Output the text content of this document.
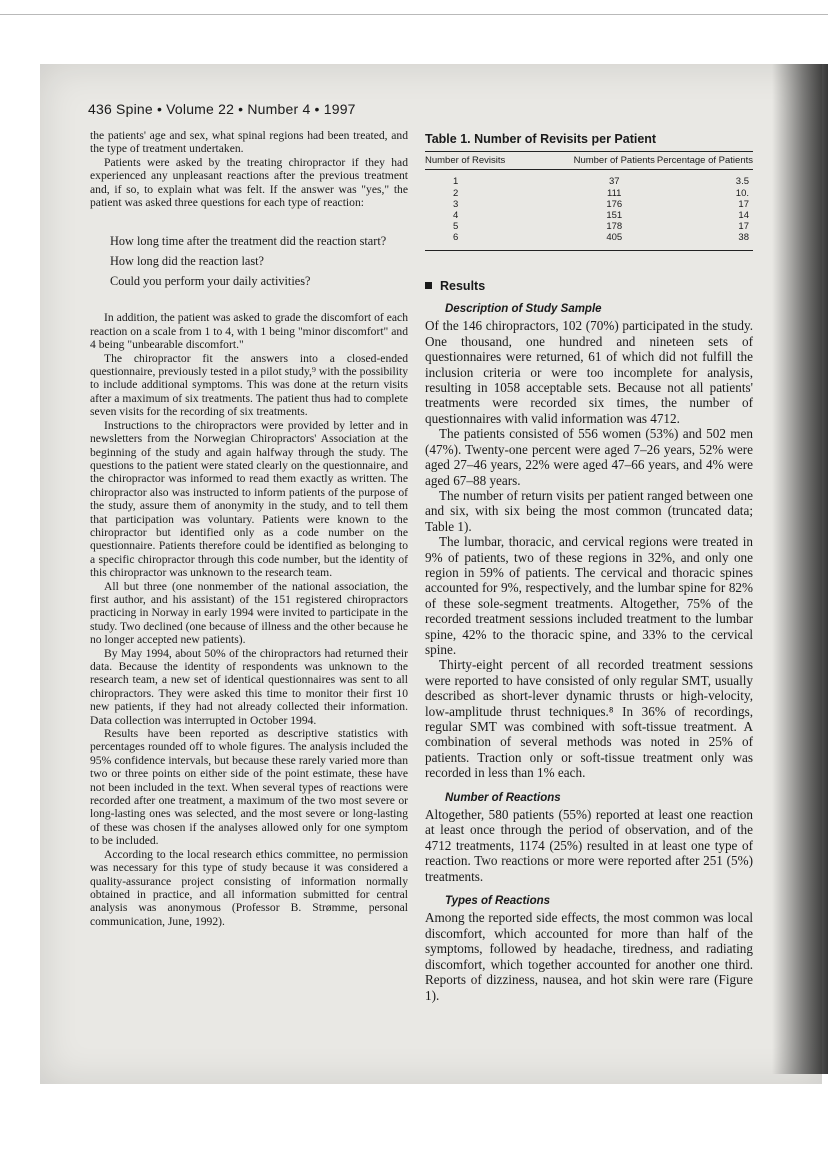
436 Spine • Volume 22 • Number 4 • 1997

the patients' age and sex, what spinal regions had been treated, and the type of treatment undertaken.

Patients were asked by the treating chiropractor if they had experienced any unpleasant reactions after the previous treatment and, if so, to explain what was felt. If the answer was "yes," the patient was asked three questions for each type of reaction:

How long time after the treatment did the reaction start?
How long did the reaction last?
Could you perform your daily activities?

In addition, the patient was asked to grade the discomfort of each reaction on a scale from 1 to 4, with 1 being "minor discomfort" and 4 being "unbearable discomfort."

The chiropractor fit the answers into a closed-ended questionnaire, previously tested in a pilot study,⁹ with the possibility to include additional symptoms. This was done at the return visits after a maximum of six treatments. The patient thus had to complete seven visits for the recording of six treatments.

Instructions to the chiropractors were provided by letter and in newsletters from the Norwegian Chiropractors' Association at the beginning of the study and again halfway through the study. The questions to the patient were stated clearly on the questionnaire, and the chiropractor was informed to read them exactly as written. The chiropractor also was instructed to inform patients of the purpose of the study, assure them of anonymity in the study, and to tell them that participation was voluntary. Patients were known to the chiropractor but identified only as a code number on the questionnaire. Patients therefore could be identified as belonging to a specific chiropractor through this code number, but the identity of this chiropractor was unknown to the research team.

All but three (one nonmember of the national association, the first author, and his assistant) of the 151 registered chiropractors practicing in Norway in early 1994 were invited to participate in the study. Two declined (one because of illness and the other because he no longer accepted new patients).

By May 1994, about 50% of the chiropractors had returned their data. Because the identity of respondents was unknown to the research team, a new set of identical questionnaires was sent to all chiropractors. They were asked this time to monitor their first 10 new patients, if they had not already collected their information. Data collection was interrupted in October 1994.

Results have been reported as descriptive statistics with percentages rounded off to whole figures. The analysis included the 95% confidence intervals, but because these rarely varied more than two or three points on either side of the point estimate, these have not been included in the text. When several types of reactions were recorded after one treatment, a maximum of the two most severe or long-lasting ones was selected, and the most severe or long-lasting of these was chosen if the analyses allowed only for one symptom to be included.

According to the local research ethics committee, no permission was necessary for this type of study because it was considered a quality-assurance project consisting of information normally obtained in practice, and all information submitted for central analysis was anonymous (Professor B. Strømme, personal communication, June, 1992).

Table 1. Number of Revisits per Patient
Number of Revisits	Number of Patients	Percentage of Patients
1	37	3.5
2	111	10.
3	176	17
4	151	14
5	178	17
6	405	38
Results
Description of Study Sample

Of the 146 chiropractors, 102 (70%) participated in the study. One thousand, one hundred and nineteen sets of questionnaires were returned, 61 of which did not fulfill the inclusion criteria or were too incomplete for analysis, resulting in 1058 acceptable sets. Because not all patients' treatments were recorded six times, the number of questionnaires with valid information was 4712.

The patients consisted of 556 women (53%) and 502 men (47%). Twenty-one percent were aged 7–26 years, 52% were aged 27–46 years, 22% were aged 47–66 years, and 4% were aged 67–88 years.

The number of return visits per patient ranged between one and six, with six being the most common (truncated data; Table 1).

The lumbar, thoracic, and cervical regions were treated in 9% of patients, two of these regions in 32%, and only one region in 59% of patients. The cervical and thoracic spines accounted for 9%, respectively, and the lumbar spine for 82% of these sole-segment treatments. Altogether, 75% of the recorded treatment sessions included treatment to the lumbar spine, 42% to the thoracic spine, and 33% to the cervical spine.

Thirty-eight percent of all recorded treatment sessions were reported to have consisted of only regular SMT, usually described as short-lever dynamic thrusts or high-velocity, low-amplitude thrust techniques.⁸ In 36% of recordings, regular SMT was combined with soft-tissue treatment. A combination of several methods was noted in 25% of patients. Traction only or soft-tissue treatment only was recorded in less than 1% each.

Number of Reactions

Altogether, 580 patients (55%) reported at least one reaction at least once through the period of observation, and of the 4712 treatments, 1174 (25%) resulted in at least one type of reaction. Two reactions or more were reported after 251 (5%) treatments.

Types of Reactions

Among the reported side effects, the most common was local discomfort, which accounted for more than half of the symptoms, followed by headache, tiredness, and radiating discomfort, which together accounted for another one third. Reports of dizziness, nausea, and hot skin were rare (Figure 1).
